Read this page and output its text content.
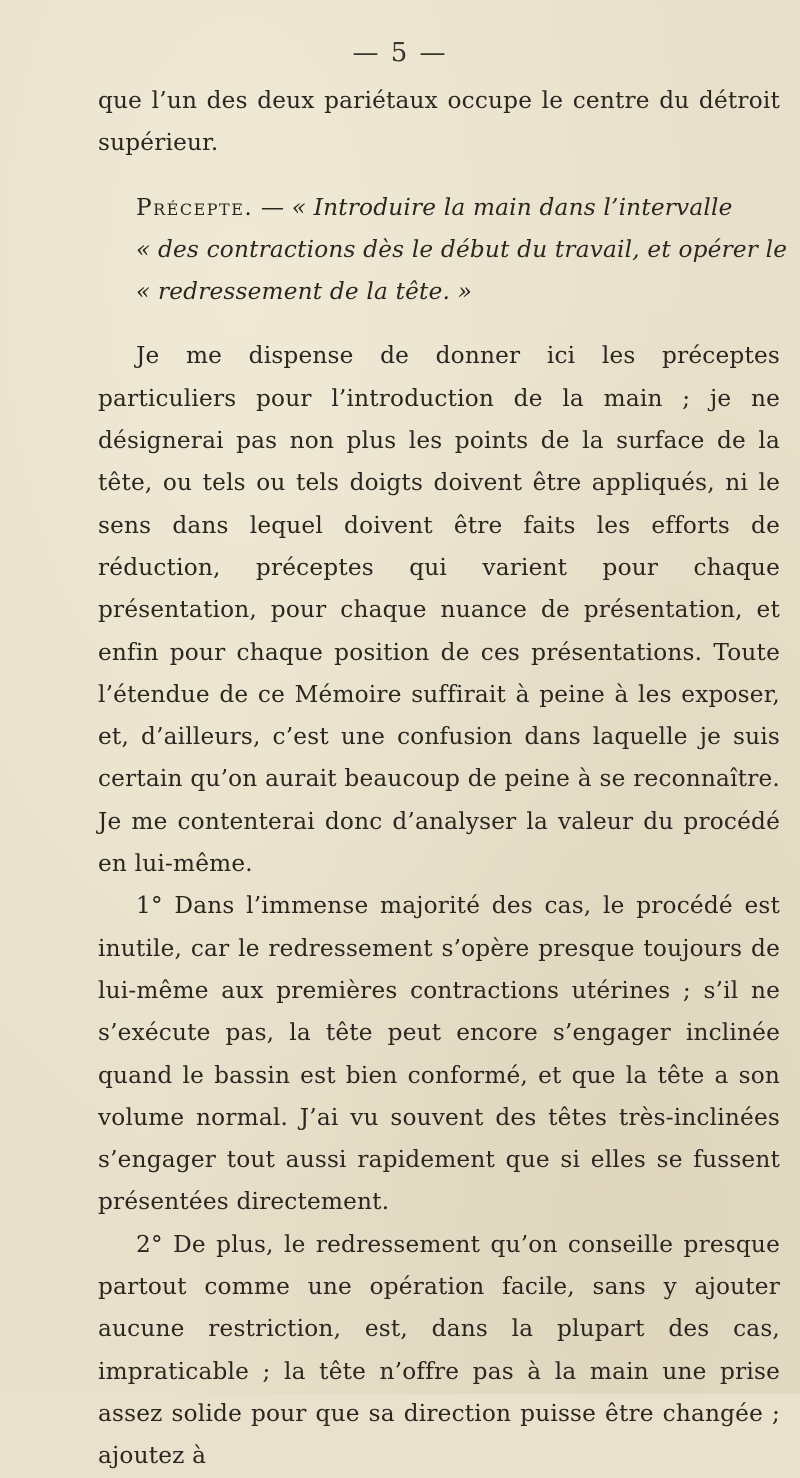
— 5 —

que l’un des deux pariétaux occupe le centre du détroit supérieur.

Précepte. — « Introduire la main dans l’intervalle
« des contractions dès le début du travail, et opérer le
« redressement de la tête. »

Je me dispense de donner ici les préceptes particuliers pour l’introduction de la main ; je ne désignerai pas non plus les points de la surface de la tête, ou tels ou tels doigts doivent être appliqués, ni le sens dans lequel doivent être faits les efforts de réduction, préceptes qui varient pour chaque présentation, pour chaque nuance de présentation, et enfin pour chaque position de ces présentations. Toute l’étendue de ce Mémoire suffirait à peine à les exposer, et, d’ailleurs, c’est une confusion dans laquelle je suis certain qu’on aurait beaucoup de peine à se reconnaître. Je me contenterai donc d’analyser la valeur du procédé en lui-même.

1° Dans l’immense majorité des cas, le procédé est inutile, car le redressement s’opère presque toujours de lui-même aux premières contractions utérines ; s’il ne s’exécute pas, la tête peut encore s’engager inclinée quand le bassin est bien conformé, et que la tête a son volume normal. J’ai vu souvent des têtes très-inclinées s’engager tout aussi rapidement que si elles se fussent présentées directement.

2° De plus, le redressement qu’on conseille presque partout comme une opération facile, sans y ajouter aucune restriction, est, dans la plupart des cas, impraticable ; la tête n’offre pas à la main une prise assez solide pour que sa direction puisse être changée ; ajoutez à
